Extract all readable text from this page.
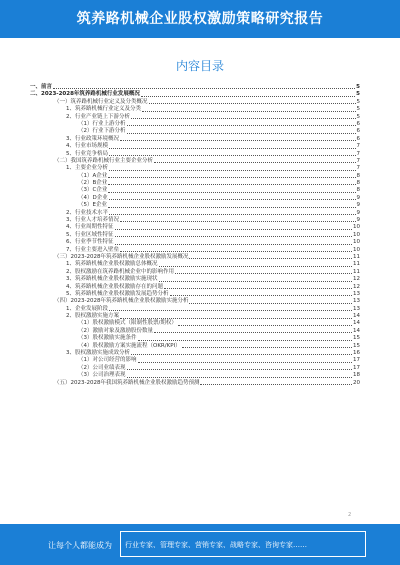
筑养路机械企业股权激励策略研究报告
内容目录
一、前言	5
二、2023-2028年筑养路机械行业发展概况	5
（一）筑养路机械行业定义及分类概况	5
1、筑养路机械行业定义及分类	5
2、行业产业链上下游分析	5
（1）行业上游分析	6
（2）行业下游分析	6
3、行业政策环境概况	6
4、行业市场规模	7
5、行业竞争格局	7
（二）我国筑养路机械行业主要企业分析	7
1、主要企业分析	7
（1）A企业	8
（2）B企业	8
（3）C企业	8
（4）D企业	9
（5）E企业	9
2、行业技术水平	9
3、行业人才培养情况	9
4、行业周期性特征	10
5、行业区域性特征	10
6、行业季节性特征	10
7、行业主要进入壁垒	10
（三）2023-2028年筑养路机械企业股权激励发展概况	11
1、筑养路机械企业股权激励总体概况	11
2、股权激励在筑养路机械企业中的影响作用	11
3、筑养路机械企业股权激励实施现状	12
4、筑养路机械企业股权激励存在的问题	12
5、筑养路机械企业股权激励发展趋势分析	13
（四）2023-2028年筑养路机械企业股权激励实施分析	13
1、企业发展阶段	13
2、股权激励实施方案	14
（1）股权激励模式（限制性股票/期权）	14
（2）激励对象及激励股份数量	14
（3）股权激励实施条件	15
（4）股权激励方案实施流程（OKR/KPI）	15
3、股权激励实施成效分析	16
（1）对公司经营的影响	17
（2）公司业绩表现	17
（3）公司治理表现	18
（五）2023-2028年我国筑养路机械企业股权激励趋势预测	20
2
让每个人都能成为 行业专家、管理专家、营销专家、战略专家、咨询专家……
